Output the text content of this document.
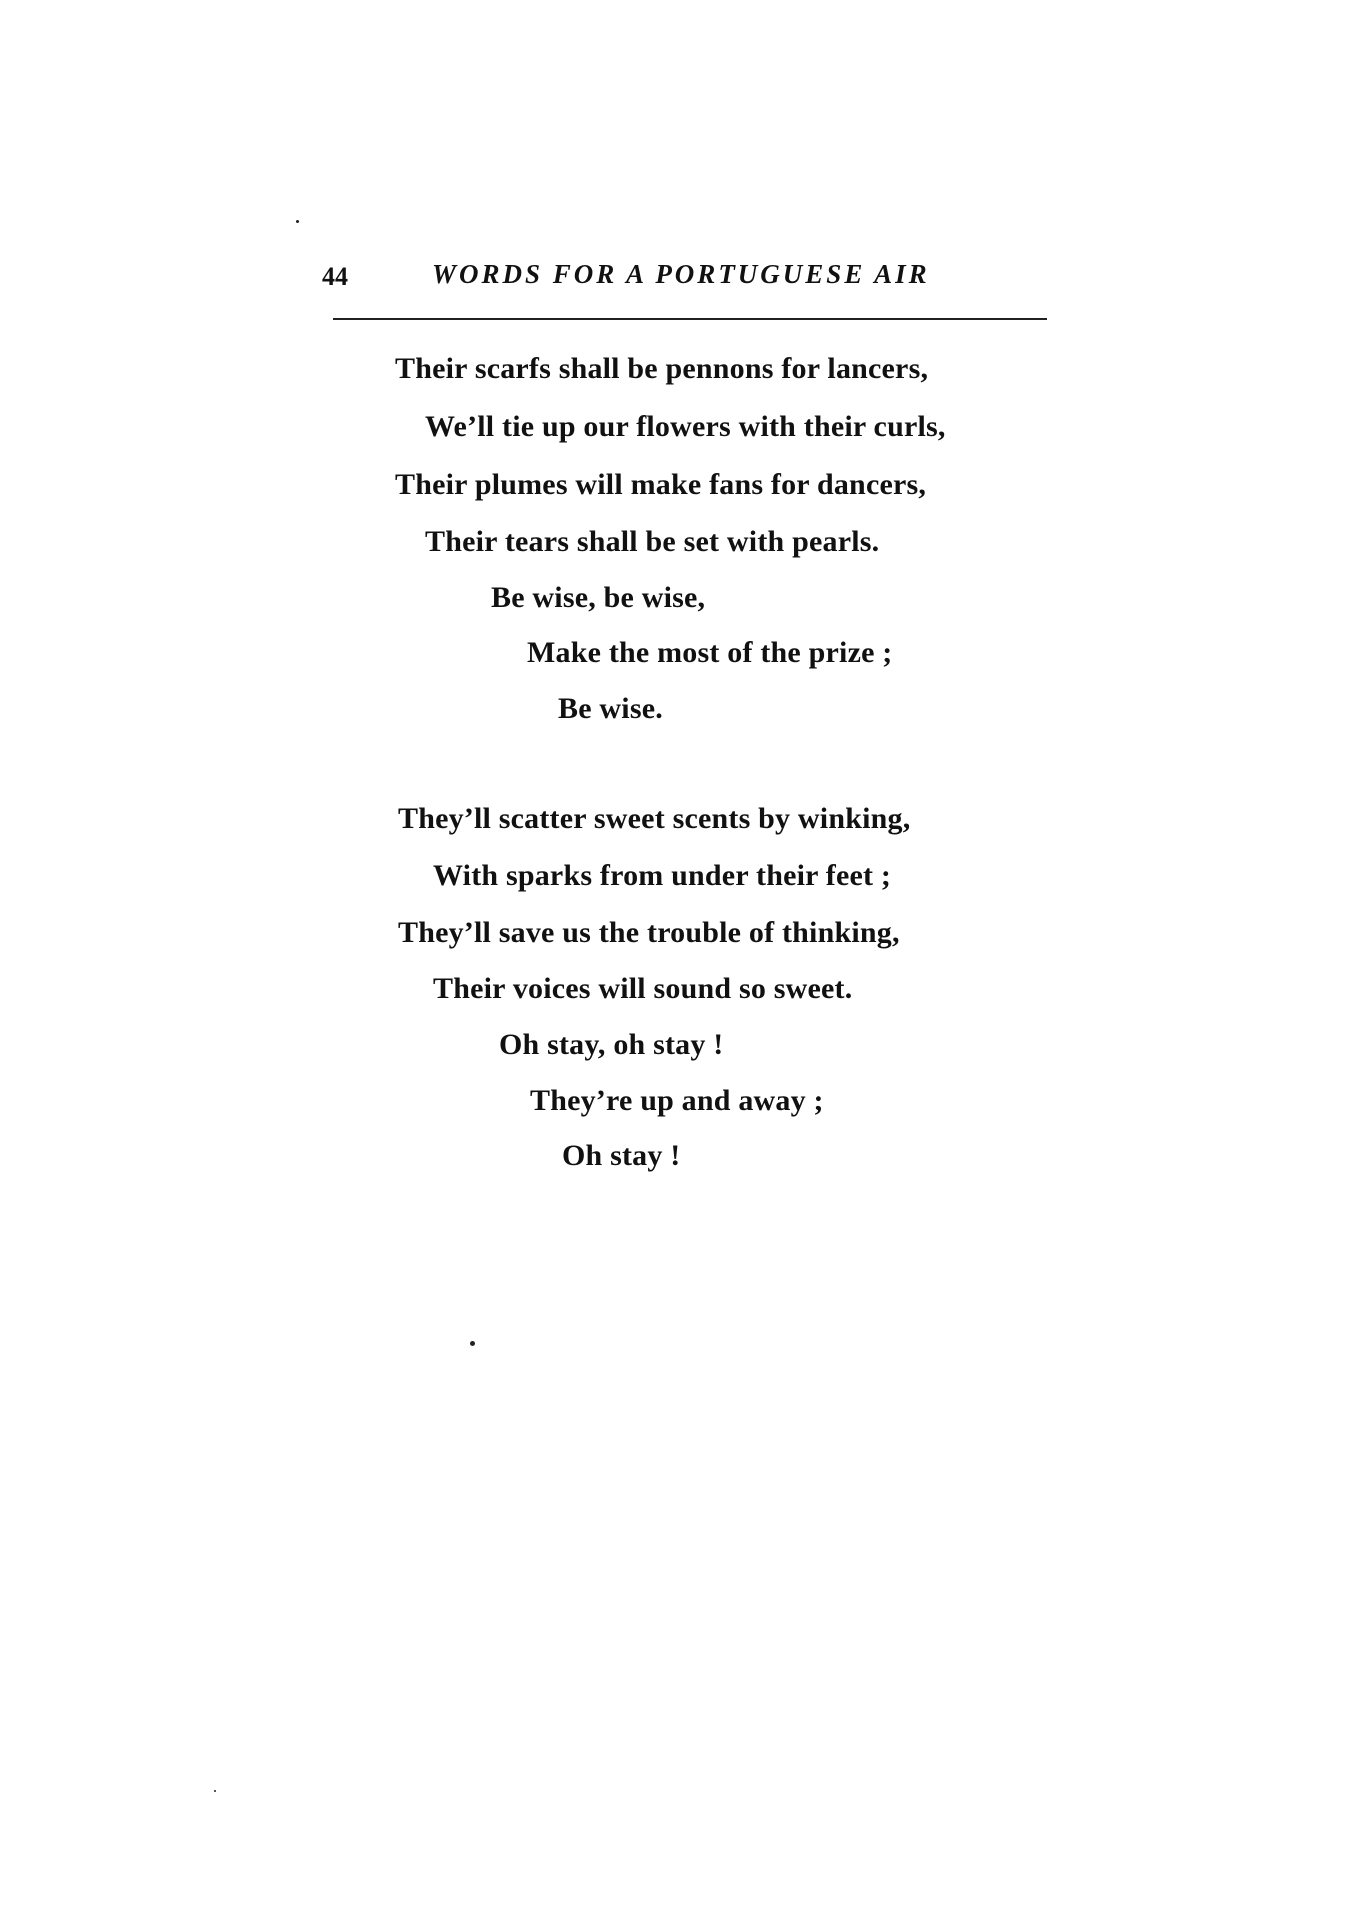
44	WORDS FOR A PORTUGUESE AIR
Their scarfs shall be pennons for lancers,
We’ll tie up our flowers with their curls,
Their plumes will make fans for dancers,
Their tears shall be set with pearls.
Be wise, be wise,
Make the most of the prize ;
Be wise.
They’ll scatter sweet scents by winking,
With sparks from under their feet ;
They’ll save us the trouble of thinking,
Their voices will sound so sweet.
Oh stay, oh stay !
They’re up and away ;
Oh stay !
